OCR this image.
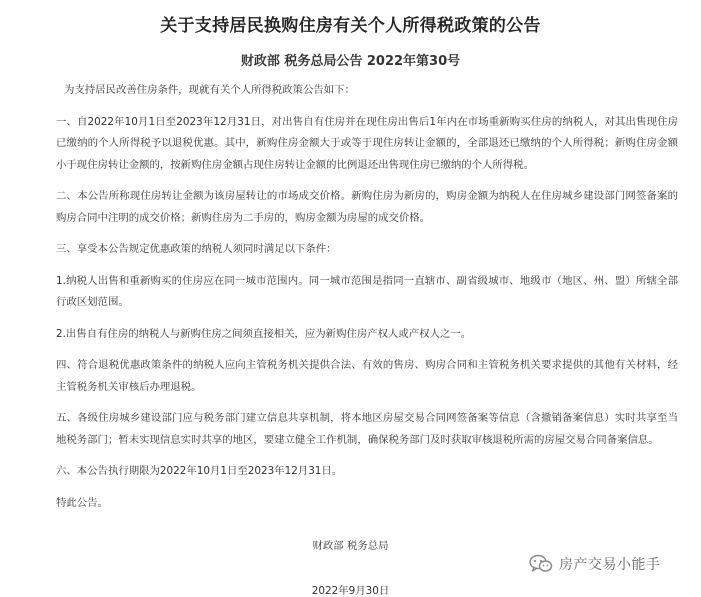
关于支持居民换购住房有关个人所得税政策的公告
财政部 税务总局公告 2022年第30号

为支持居民改善住房条件，现就有关个人所得税政策公告如下：

一、自2022年10月1日至2023年12月31日，对出售自有住房并在现住房出售后1年内在市场重新购买住房的纳税人，对其出售现住房已缴纳的个人所得税予以退税优惠。其中，新购住房金额大于或等于现住房转让金额的，全部退还已缴纳的个人所得税；新购住房金额小于现住房转让金额的，按新购住房金额占现住房转让金额的比例退还出售现住房已缴纳的个人所得税。

二、本公告所称现住房转让金额为该房屋转让的市场成交价格。新购住房为新房的，购房金额为纳税人在住房城乡建设部门网签备案的购房合同中注明的成交价格；新购住房为二手房的，购房金额为房屋的成交价格。

三、享受本公告规定优惠政策的纳税人须同时满足以下条件：

1.纳税人出售和重新购买的住房应在同一城市范围内。同一城市范围是指同一直辖市、副省级城市、地级市（地区、州、盟）所辖全部行政区划范围。

2.出售自有住房的纳税人与新购住房之间须直接相关，应为新购住房产权人或产权人之一。

四、符合退税优惠政策条件的纳税人应向主管税务机关提供合法、有效的售房、购房合同和主管税务机关要求提供的其他有关材料，经主管税务机关审核后办理退税。

五、各级住房城乡建设部门应与税务部门建立信息共享机制，将本地区房屋交易合同网签备案等信息（含撤销备案信息）实时共享至当地税务部门；暂未实现信息实时共享的地区，要建立健全工作机制，确保税务部门及时获取审核退税所需的房屋交易合同备案信息。

六、本公告执行期限为2022年10月1日至2023年12月31日。

特此公告。

财政部 税务总局
房产交易小能手
2022年9月30日
